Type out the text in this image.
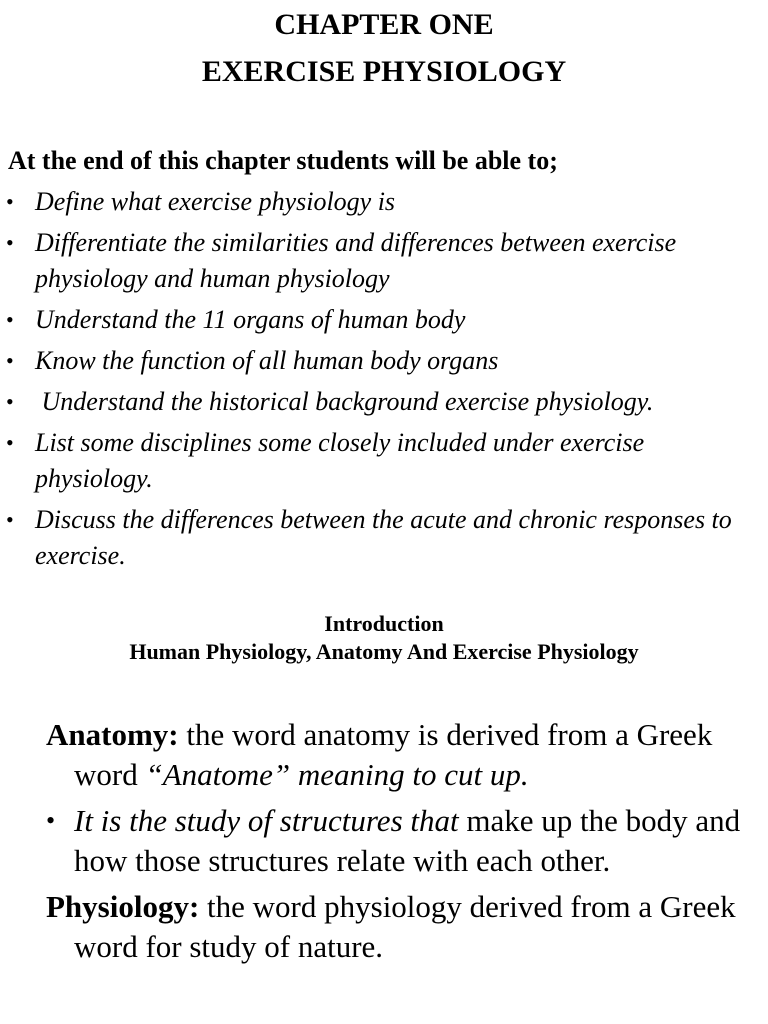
CHAPTER ONE
EXERCISE PHYSIOLOGY
At the end of this chapter students will be able to;
• Define what exercise physiology is
• Differentiate the similarities and differences between exercise physiology and human physiology
• Understand the 11 organs of human body
• Know the function of all human body organs
• Understand the historical background exercise physiology.
• List some disciplines some closely included under exercise physiology.
• Discuss the differences between the acute and chronic responses to exercise.
Introduction
Human Physiology, Anatomy And Exercise Physiology
Anatomy: the word anatomy is derived from a Greek word “Anatome” meaning to cut up.
• It is the study of structures that make up the body and how those structures relate with each other.
Physiology: the word physiology derived from a Greek word for study of nature.
